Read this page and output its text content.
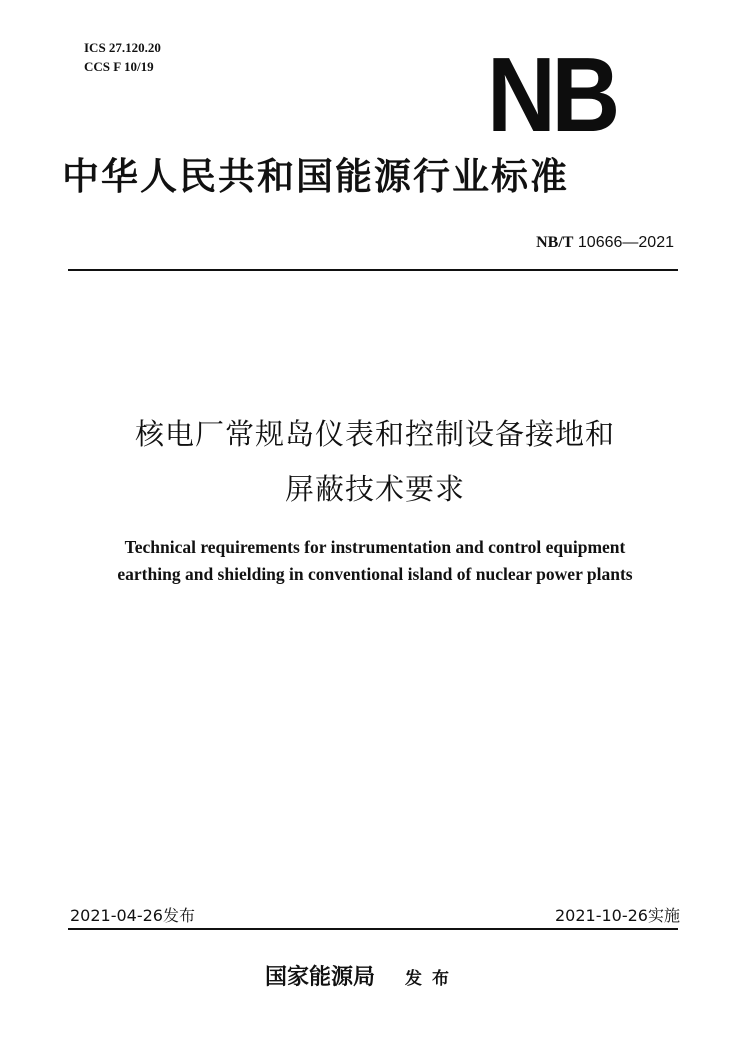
ICS 27.120.20
CCS F 10/19	NB
中华人民共和国能源行业标准
NB/T 10666—2021
核电厂常规岛仪表和控制设备接地和
屏蔽技术要求
Technical requirements for instrumentation and control equipment
earthing and shielding in conventional island of nuclear power plants
2021-04-26发布	2021-10-26实施
国家能源局 发布
